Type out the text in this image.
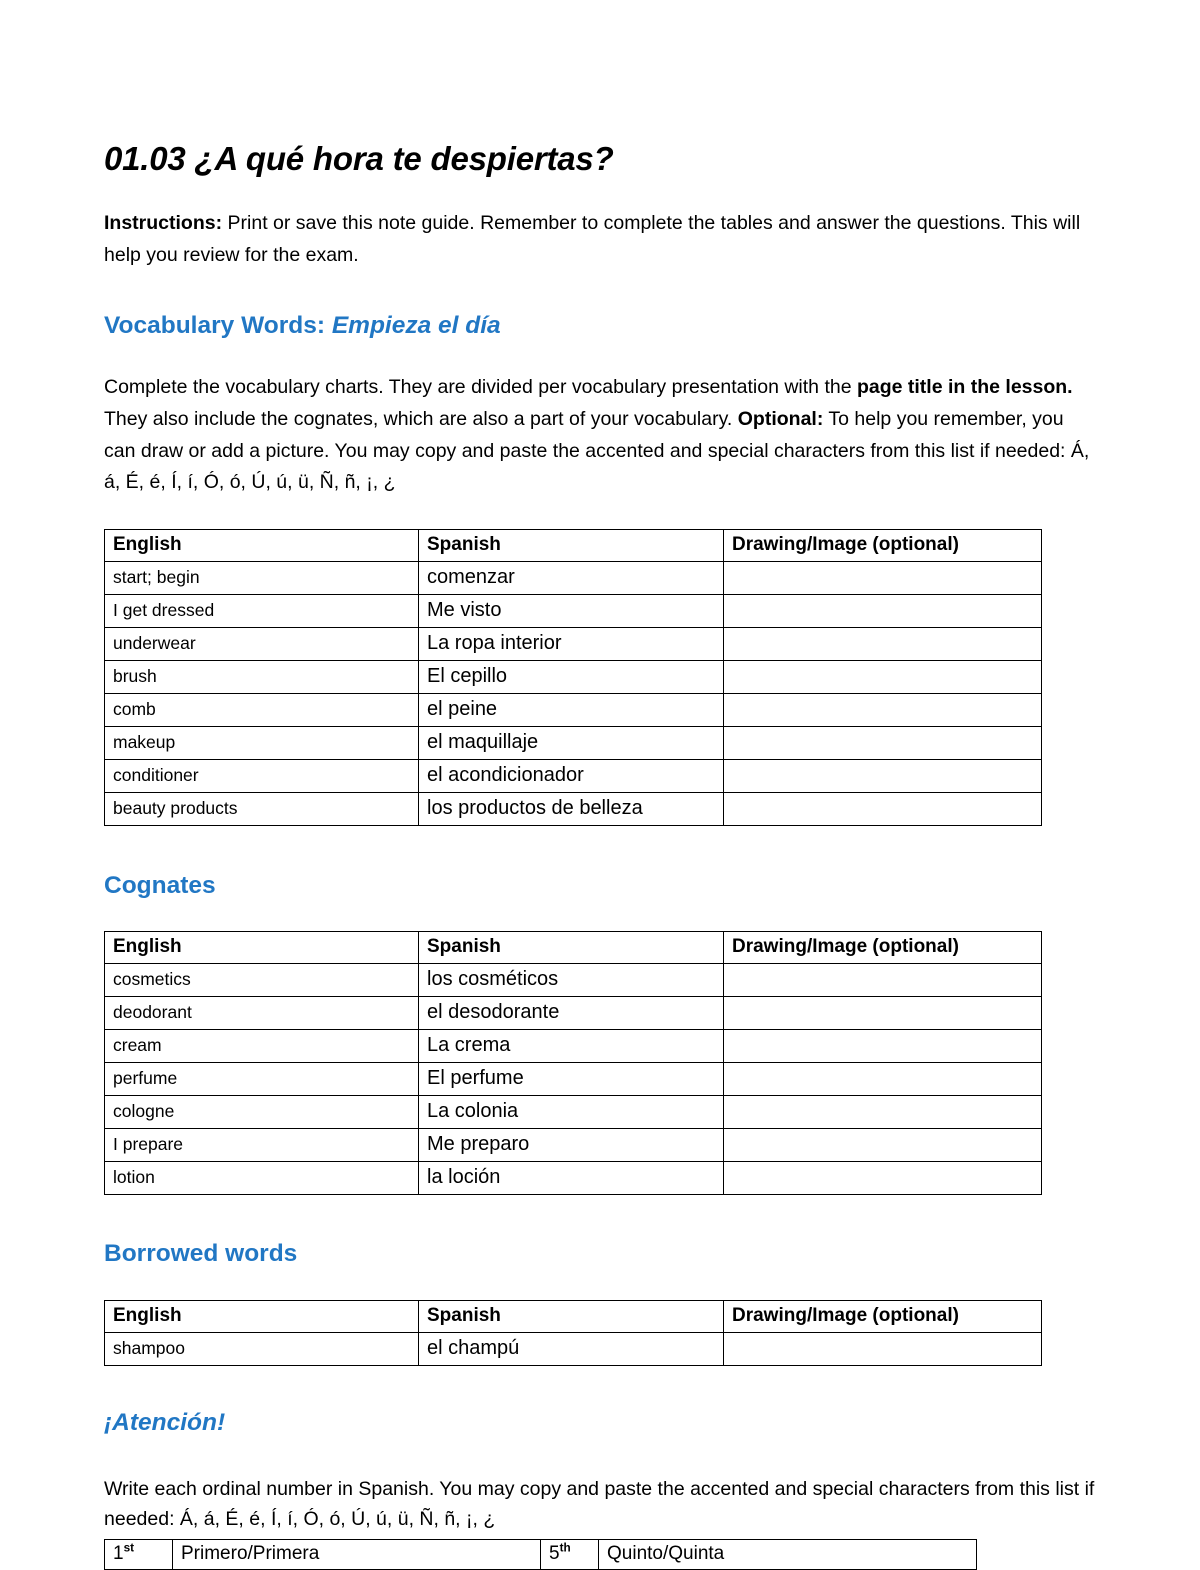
01.03 ¿A qué hora te despiertas?

Instructions: Print or save this note guide. Remember to complete the tables and answer the questions. This will help you review for the exam.

Vocabulary Words: Empieza el día

Complete the vocabulary charts. They are divided per vocabulary presentation with the page title in the lesson. They also include the cognates, which are also a part of your vocabulary. Optional: To help you remember, you can draw or add a picture. You may copy and paste the accented and special characters from this list if needed: Á, á, É, é, Í, í, Ó, ó, Ú, ú, ü, Ñ, ñ, ¡, ¿

English	Spanish	Drawing/Image (optional)
start; begin	comenzar	
I get dressed	Me visto	
underwear	La ropa interior	
brush	El cepillo	
comb	el peine	
makeup	el maquillaje	
conditioner	el acondicionador	
beauty products	los productos de belleza	
Cognates
English	Spanish	Drawing/Image (optional)
cosmetics	los cosméticos	
deodorant	el desodorante	
cream	La crema	
perfume	El perfume	
cologne	La colonia	
I prepare	Me preparo	
lotion	la loción	
Borrowed words
English	Spanish	Drawing/Image (optional)
shampoo	el champú	
¡Atención!

Write each ordinal number in Spanish. You may copy and paste the accented and special characters from this list if needed: Á, á, É, é, Í, í, Ó, ó, Ú, ú, ü, Ñ, ñ, ¡, ¿

1st	Primero/Primera	5th	Quinto/Quinta
